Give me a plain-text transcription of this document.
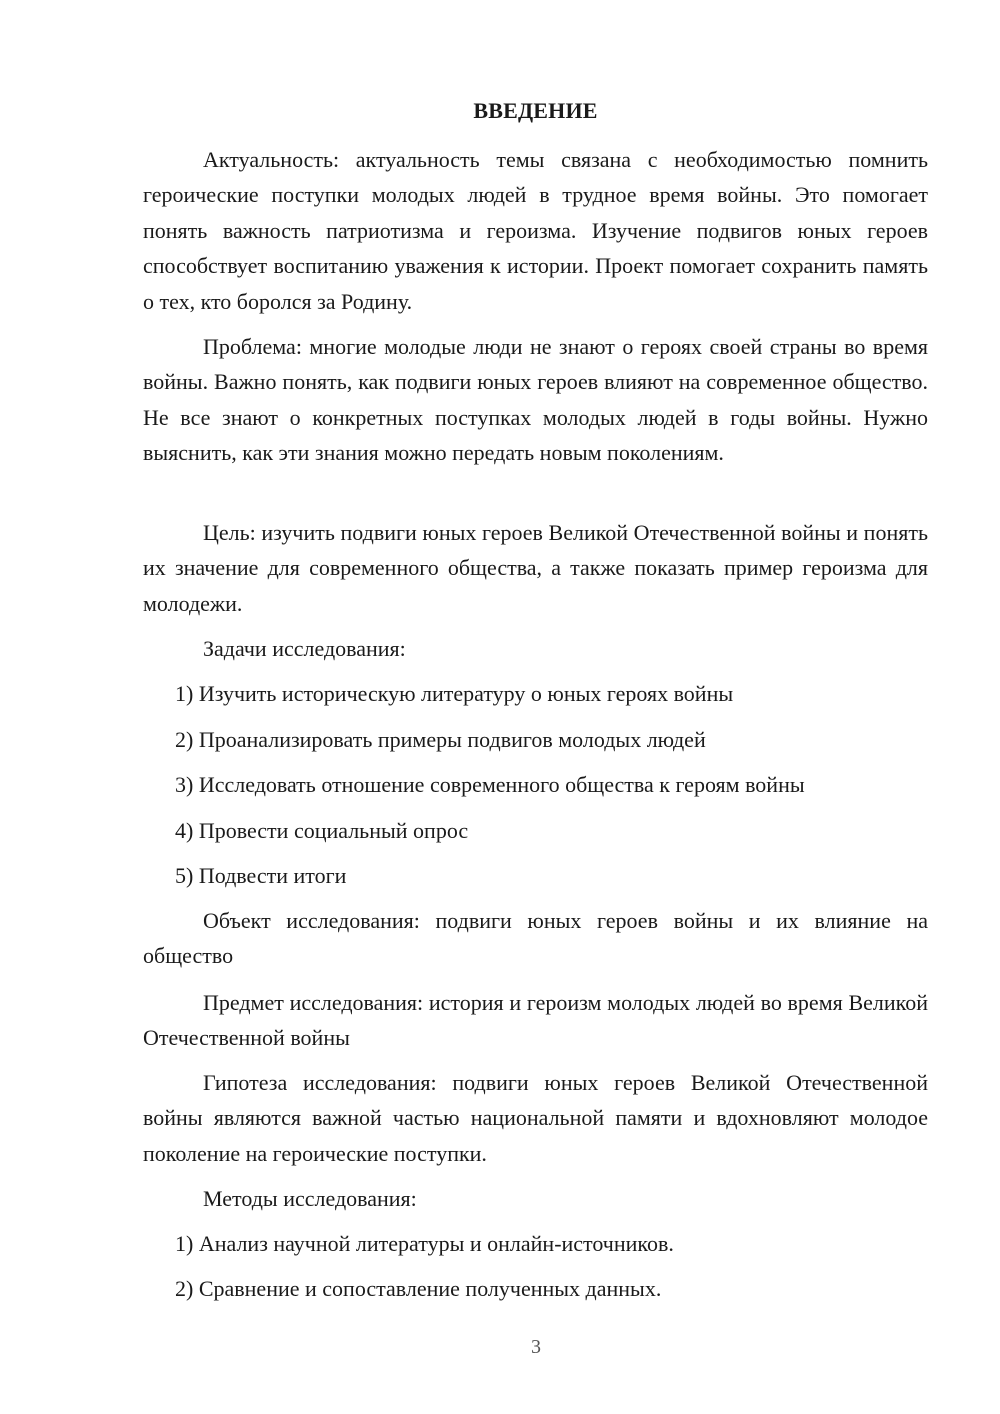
ВВЕДЕНИЕ

Актуальность: актуальность темы связана с необходимостью помнить героические поступки молодых людей в трудное время войны. Это помогает понять важность патриотизма и героизма. Изучение подвигов юных героев способствует воспитанию уважения к истории. Проект помогает сохранить память о тех, кто боролся за Родину.

Проблема: многие молодые люди не знают о героях своей страны во время войны. Важно понять, как подвиги юных героев влияют на современное общество. Не все знают о конкретных поступках молодых людей в годы войны. Нужно выяснить, как эти знания можно передать новым поколениям.

Цель: изучить подвиги юных героев Великой Отечественной войны и понять их значение для современного общества, а также показать пример героизма для молодежи.

Задачи исследования:
1) Изучить историческую литературу о юных героях войны
2) Проанализировать примеры подвигов молодых людей
3) Исследовать отношение современного общества к героям войны
4) Провести социальный опрос
5) Подвести итоги

Объект исследования: подвиги юных героев войны и их влияние на общество

Предмет исследования: история и героизм молодых людей во время Великой Отечественной войны

Гипотеза исследования: подвиги юных героев Великой Отечественной войны являются важной частью национальной памяти и вдохновляют молодое поколение на героические поступки.

Методы исследования:
1) Анализ научной литературы и онлайн-источников.
2) Сравнение и сопоставление полученных данных.
3
